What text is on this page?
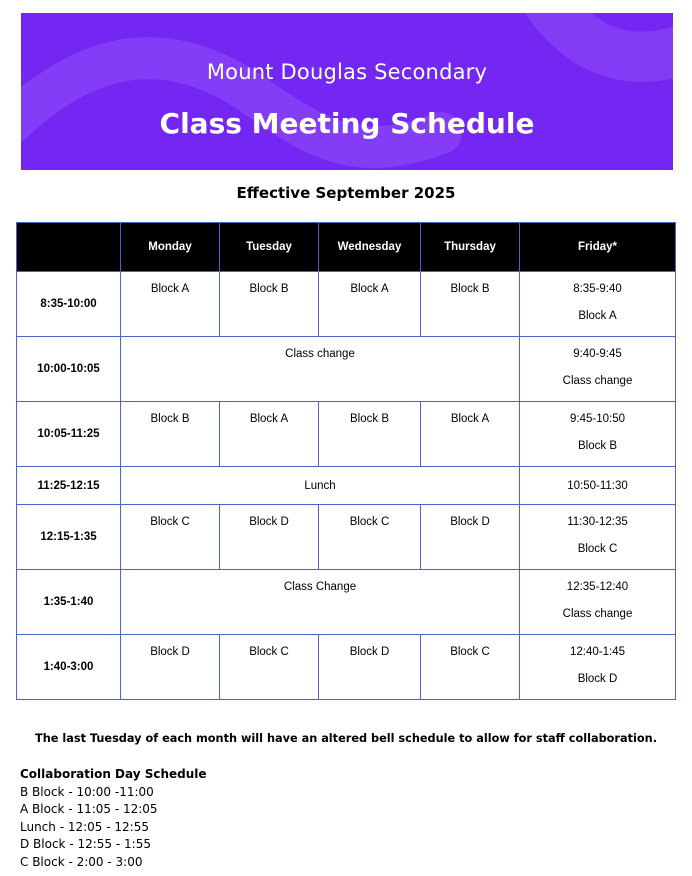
Mount Douglas Secondary
Class Meeting Schedule
Effective September 2025
	Monday	Tuesday	Wednesday	Thursday	Friday*
8:35-10:00	Block A	Block B	Block A	Block B	8:35-9:40
Block A

10:00-10:05	Class change				9:40-9:45
Class change

10:05-11:25	Block B	Block A	Block B	Block A	9:45-10:50
Block B

11:25-12:15	Lunch				10:50-11:30
12:15-1:35	Block C	Block D	Block C	Block D	11:30-12:35
Block C

1:35-1:40	Class Change				12:35-12:40
Class change

1:40-3:00	Block D	Block C	Block D	Block C	12:40-1:45
Block D
The last Tuesday of each month will have an altered bell schedule to allow for staff collaboration.
Collaboration Day Schedule
B Block - 10:00 -11:00
A Block - 11:05 - 12:05
Lunch - 12:05 - 12:55
D Block - 12:55 - 1:55
C Block - 2:00 - 3:00
